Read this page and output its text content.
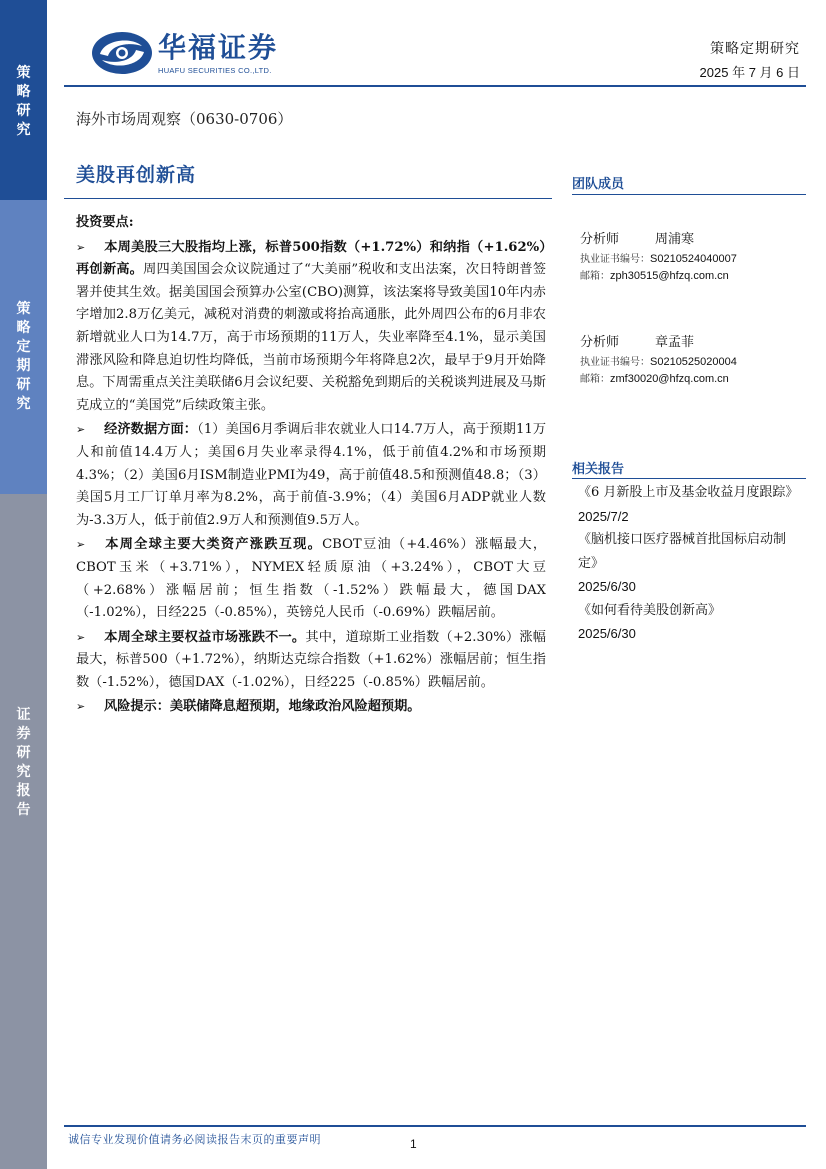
策
略
研
究
策
略
定
期
研
究
证
券
研
究
报
告
华福证券
HUAFU SECURITIES CO.,LTD.
策略定期研究
2025 年 7 月 6 日
海外市场周观察（0630-0706）
美股再创新高
投资要点:
➢ 本周美股三大股指均上涨，标普500指数（+1.72%）和纳指（+1.62%）再创新高。周四美国国会众议院通过了“大美丽”税收和支出法案，次日特朗普签署并使其生效。据美国国会预算办公室(CBO)测算，该法案将导致美国10年内赤字增加2.8万亿美元，减税对消费的刺激或将抬高通胀，此外周四公布的6月非农新增就业人口为14.7万，高于市场预期的11万人，失业率降至4.1%，显示美国滞涨风险和降息迫切性均降低，当前市场预期今年将降息2次，最早于9月开始降息。下周需重点关注美联储6月会议纪要、关税豁免到期后的关税谈判进展及马斯克成立的“美国党”后续政策主张。
➢ 经济数据方面：（1）美国6月季调后非农就业人口14.7万人，高于预期11万人和前值14.4万人；美国6月失业率录得4.1%，低于前值4.2%和市场预期4.3%；（2）美国6月ISM制造业PMI为49，高于前值48.5和预测值48.8；（3）美国5月工厂订单月率为8.2%，高于前值-3.9%；（4）美国6月ADP就业人数为-3.3万人，低于前值2.9万人和预测值9.5万人。
➢ 本周全球主要大类资产涨跌互现。CBOT豆油（+4.46%）涨幅最大，CBOT玉米（+3.71%），NYMEX轻质原油（+3.24%），CBOT大豆（+2.68%）涨幅居前；恒生指数（-1.52%）跌幅最大，德国DAX（-1.02%），日经225（-0.85%），英镑兑人民币（-0.69%）跌幅居前。
➢ 本周全球主要权益市场涨跌不一。其中，道琼斯工业指数（+2.30%）涨幅最大，标普500（+1.72%），纳斯达克综合指数（+1.62%）涨幅居前；恒生指数（-1.52%），德国DAX（-1.02%），日经225（-0.85%）跌幅居前。
➢ 风险提示：美联储降息超预期，地缘政治风险超预期。
团队成员
分析师	周浦寒
执业证书编号：S0210524040007
邮箱：zph30515@hfzq.com.cn
分析师	章孟菲
执业证书编号：S0210525020004
邮箱：zmf30020@hfzq.com.cn
相关报告
《6 月新股上市及基金收益月度跟踪》
2025/7/2
《脑机接口医疗器械首批国标启动制定》
2025/6/30
《如何看待美股创新高》
2025/6/30
诚信专业发现价值请务必阅读报告末页的重要声明	1
